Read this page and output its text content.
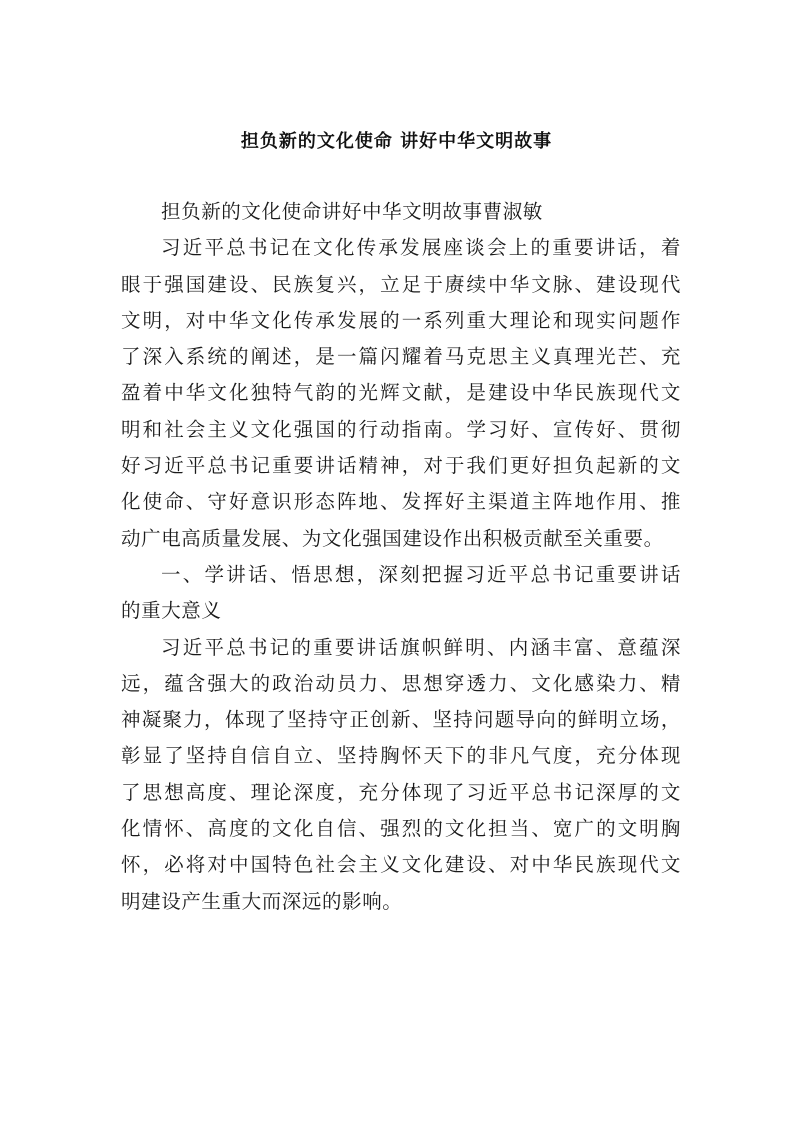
担负新的文化使命 讲好中华文明故事
担负新的文化使命讲好中华文明故事曹淑敏
习近平总书记在文化传承发展座谈会上的重要讲话，着
眼于强国建设、民族复兴，立足于赓续中华文脉、建设现代
文明，对中华文化传承发展的一系列重大理论和现实问题作
了深入系统的阐述，是一篇闪耀着马克思主义真理光芒、充
盈着中华文化独特气韵的光辉文献，是建设中华民族现代文
明和社会主义文化强国的行动指南。学习好、宣传好、贯彻
好习近平总书记重要讲话精神，对于我们更好担负起新的文
化使命、守好意识形态阵地、发挥好主渠道主阵地作用、推
动广电高质量发展、为文化强国建设作出积极贡献至关重要。
一、学讲话、悟思想，深刻把握习近平总书记重要讲话
的重大意义
习近平总书记的重要讲话旗帜鲜明、内涵丰富、意蕴深
远，蕴含强大的政治动员力、思想穿透力、文化感染力、精
神凝聚力，体现了坚持守正创新、坚持问题导向的鲜明立场，
彰显了坚持自信自立、坚持胸怀天下的非凡气度，充分体现
了思想高度、理论深度，充分体现了习近平总书记深厚的文
化情怀、高度的文化自信、强烈的文化担当、宽广的文明胸
怀，必将对中国特色社会主义文化建设、对中华民族现代文
明建设产生重大而深远的影响。
